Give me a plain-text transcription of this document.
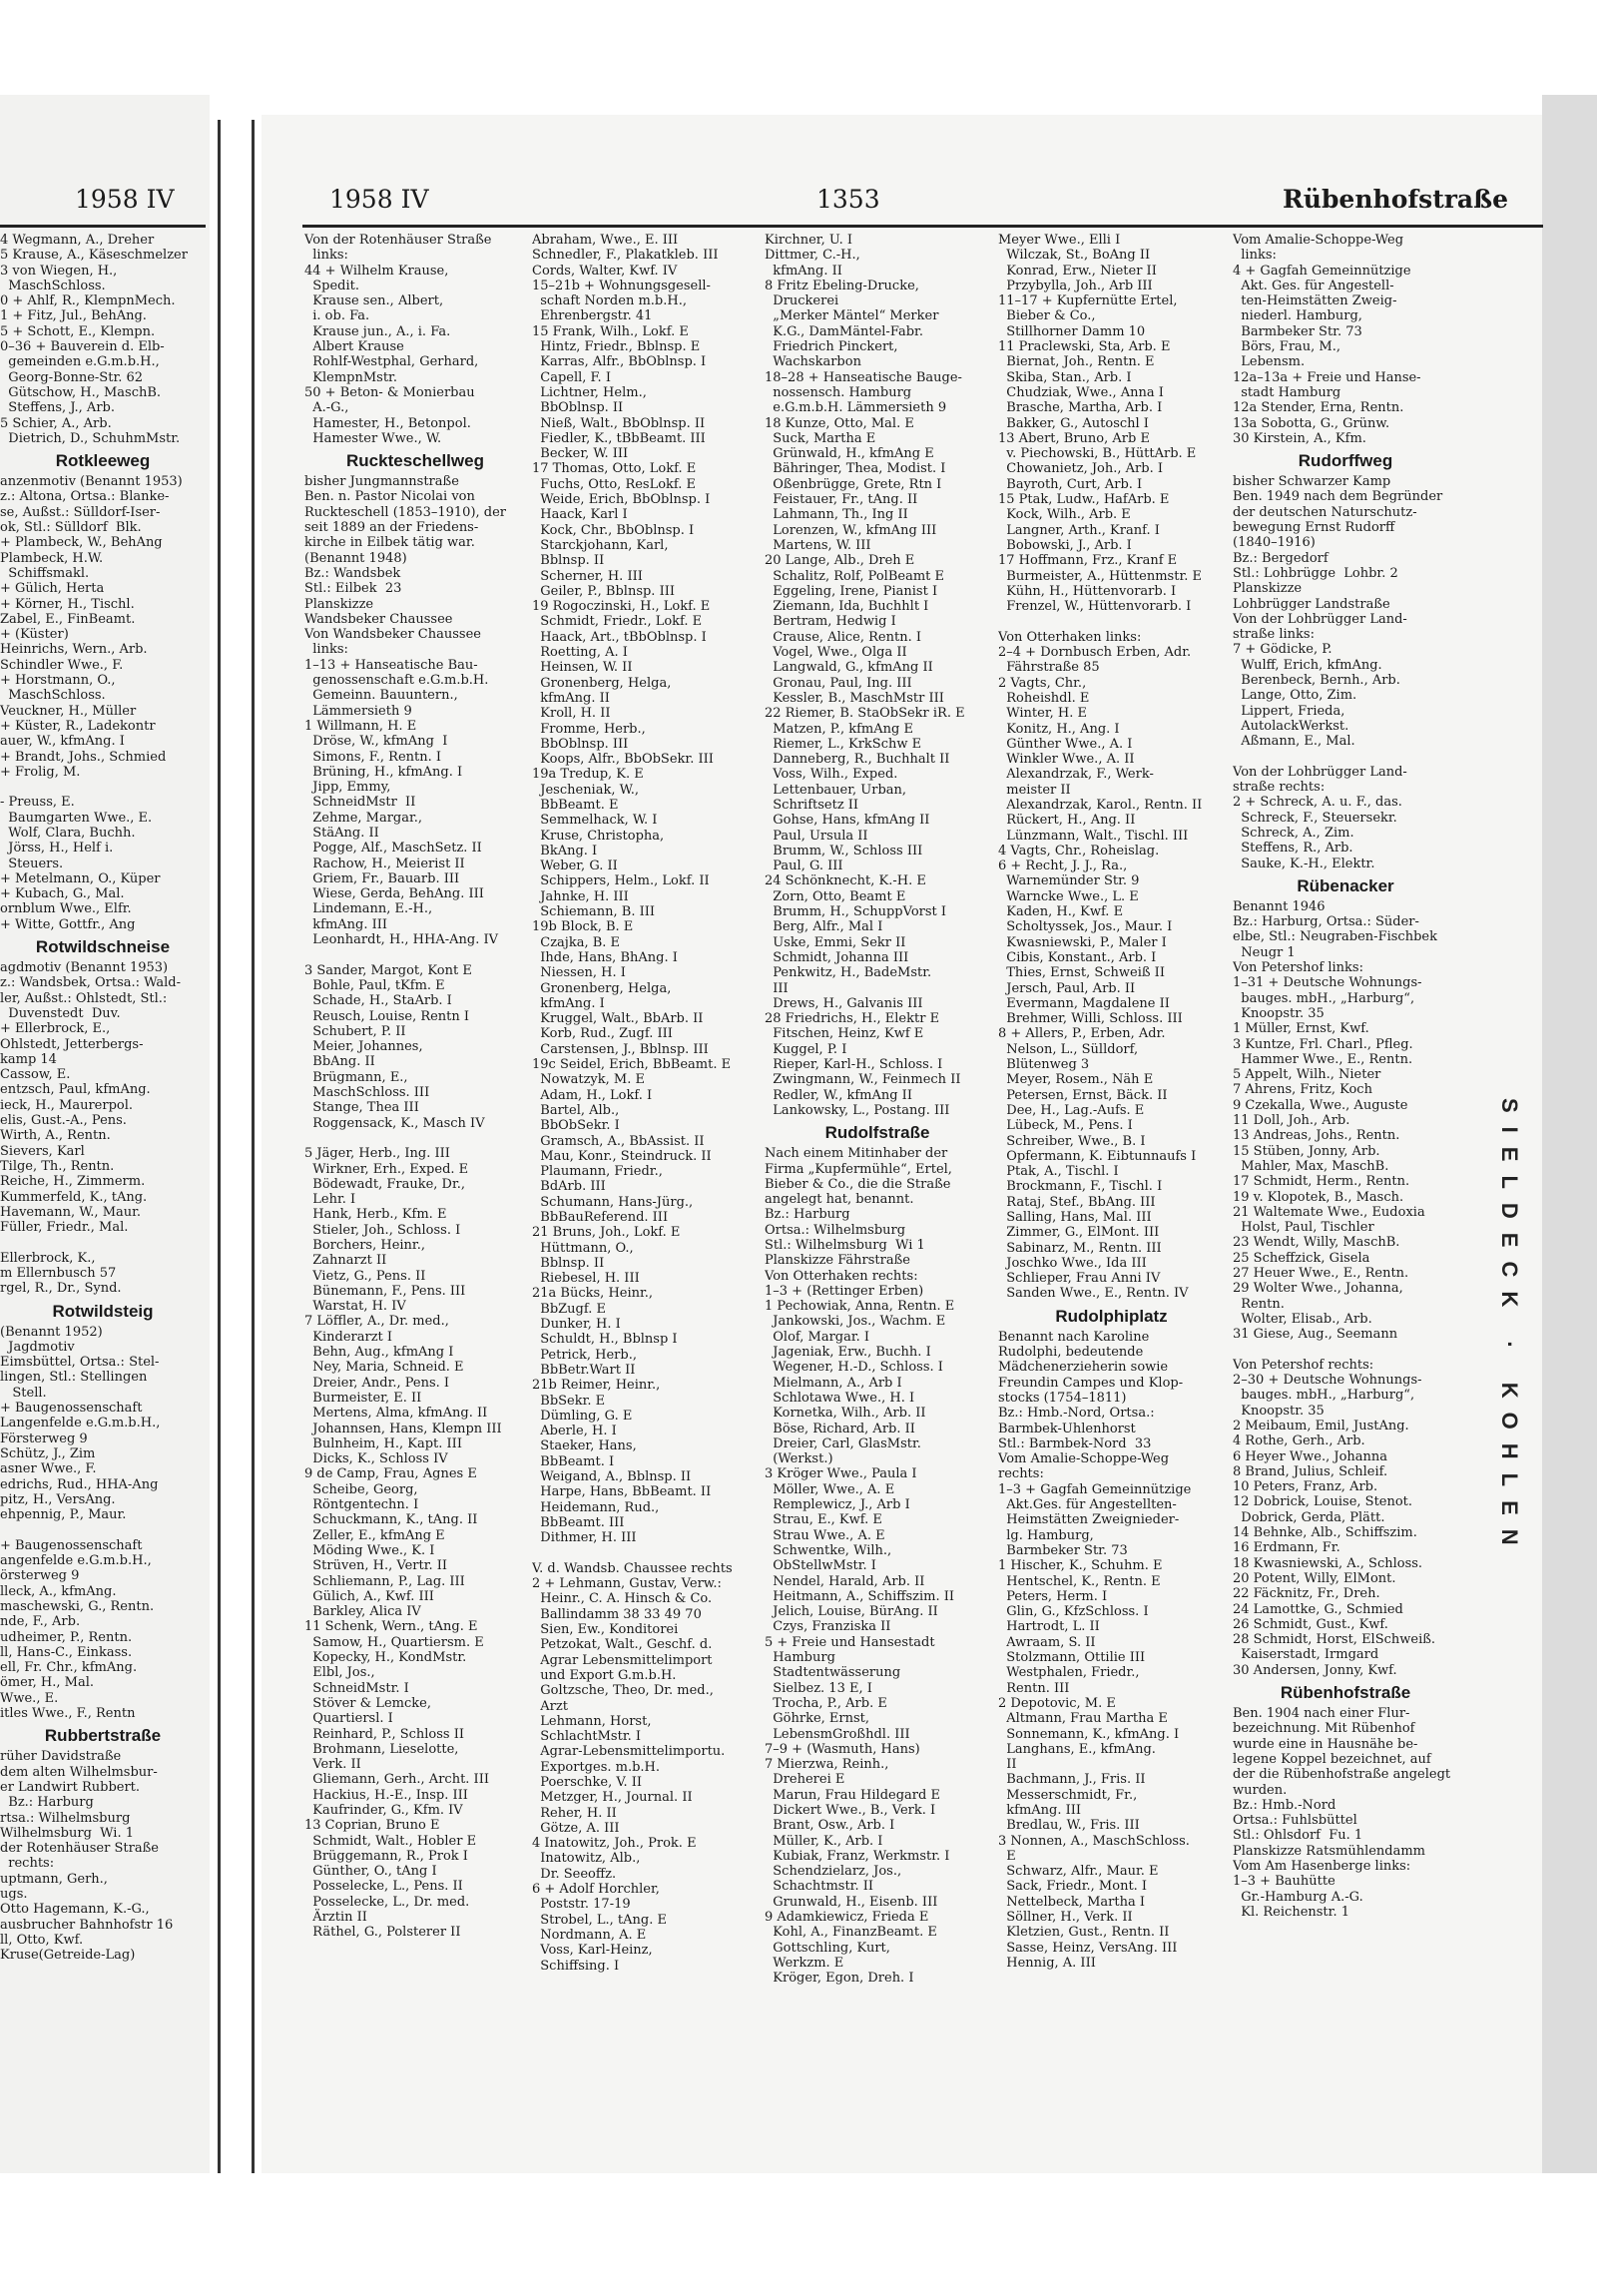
1958 IV	1958 IV	1353	Rübenhofstraße
SIELDECK · KOHLEN
4 Wegmann, A., Dreher
5 Krause, A., Käseschmelzer
3 von Wiegen, H.,
MaschSchloss.
0 + Ahlf, R., KlempnMech.
1 + Fitz, Jul., BehAng.
5 + Schott, E., Klempn.
0–36 + Bauverein d. Elb-
gemeinden e.G.m.b.H.,
Georg-Bonne-Str. 62
Gütschow, H., MaschB.
Steffens, J., Arb.
5 Schier, A., Arb.
Dietrich, D., SchuhmMstr.

Rotkleeweg
anzenmotiv (Benannt 1953)
z.: Altona, Ortsa.: Blanke-
se, Außst.: Sülldorf-Iser-
ok, Stl.: Sülldorf  Blk.
+ Plambeck, W., BehAng
Plambeck, H.W.
Schiffsmakl.
+ Gülich, Herta
+ Körner, H., Tischl.
Zabel, E., FinBeamt.
+ (Küster)
Heinrichs, Wern., Arb.
Schindler Wwe., F.
+ Horstmann, O.,
MaschSchloss.
Veuckner, H., Müller
+ Küster, R., Ladekontr
auer, W., kfmAng. I
+ Brandt, Johs., Schmied
+ Frolig, M.

- Preuss, E.
Baumgarten Wwe., E.
Wolf, Clara, Buchh.
Jörss, H., Helf i.
Steuers.
+ Metelmann, O., Küper
+ Kubach, G., Mal.
ornblum Wwe., Elfr.
+ Witte, Gottfr., Ang

Rotwildschneise
agdmotiv (Benannt 1953)
z.: Wandsbek, Ortsa.: Wald-
ler, Außst.: Ohlstedt, Stl.:
Duvenstedt  Duv.
+ Ellerbrock, E.,
Ohlstedt, Jetterbergs-
kamp 14
Cassow, E.
entzsch, Paul, kfmAng.
ieck, H., Maurerpol.
elis, Gust.-A., Pens.
Wirth, A., Rentn.
Sievers, Karl
Tilge, Th., Rentn.
Reiche, H., Zimmerm.
Kummerfeld, K., tAng.
Havemann, W., Maur.
Füller, Friedr., Mal.

Ellerbrock, K.,
m Ellernbusch 57
rgel, R., Dr., Synd.

Rotwildsteig
(Benannt 1952)
Jagdmotiv
Eimsbüttel, Ortsa.: Stel-
lingen, Stl.: Stellingen
Stell.
+ Baugenossenschaft
Langenfelde e.G.m.b.H.,
Försterweg 9
Schütz, J., Zim
asner Wwe., F.
edrichs, Rud., HHA-Ang
pitz, H., VersAng.
ehpennig, P., Maur.

+ Baugenossenschaft
angenfelde e.G.m.b.H.,
örsterweg 9
lleck, A., kfmAng.
maschewski, G., Rentn.
nde, F., Arb.
udheimer, P., Rentn.
ll, Hans-C., Einkass.
ell, Fr. Chr., kfmAng.
ömer, H., Mal.
Wwe., E.
itles Wwe., F., Rentn

Rubbertstraße
rüher Davidstraße
dem alten Wilhelmsbur-
er Landwirt Rubbert.
Bz.: Harburg
rtsa.: Wilhelmsburg
Wilhelmsburg  Wi. 1
der Rotenhäuser Straße
rechts:
uptmann, Gerh.,
ugs.
Otto Hagemann, K.-G.,
ausbrucher Bahnhofstr 16
ll, Otto, Kwf.
Kruse(Getreide-Lag)

Von der Rotenhäuser Straße
links:
44 + Wilhelm Krause,
Spedit.
Krause sen., Albert,
i. ob. Fa.
Krause jun., A., i. Fa.
Albert Krause
Rohlf-Westphal, Gerhard,
KlempnMstr.
50 + Beton- & Monierbau
A.-G.,
Hamester, H., Betonpol.
Hamester Wwe., W.

Ruckteschellweg
bisher Jungmannstraße
Ben. n. Pastor Nicolai von
Ruckteschell (1853–1910), der
seit 1889 an der Friedens-
kirche in Eilbek tätig war.
(Benannt 1948)
Bz.: Wandsbek
Stl.: Eilbek  23
Planskizze
Wandsbeker Chaussee
Von Wandsbeker Chaussee
links:
1–13 + Hanseatische Bau-
genossenschaft e.G.m.b.H.
Gemeinn. Bauuntern.,
Lämmersieth 9
1 Willmann, H. E
Dröse, W., kfmAng  I
Simons, F., Rentn. I
Brüning, H., kfmAng. I
Jipp, Emmy,
SchneidMstr  II
Zehme, Margar.,
StäAng. II
Pogge, Alf., MaschSetz. II
Rachow, H., Meierist II
Griem, Fr., Bauarb. III
Wiese, Gerda, BehAng. III
Lindemann, E.-H.,
kfmAng. III
Leonhardt, H., HHA-Ang. IV

3 Sander, Margot, Kont E
Bohle, Paul, tKfm. E
Schade, H., StaArb. I
Reusch, Louise, Rentn I
Schubert, P. II
Meier, Johannes,
BbAng. II
Brügmann, E.,
MaschSchloss. III
Stange, Thea III
Roggensack, K., Masch IV

5 Jäger, Herb., Ing. III
Wirkner, Erh., Exped. E
Bödewadt, Frauke, Dr.,
Lehr. I
Hank, Herb., Kfm. E
Stieler, Joh., Schloss. I
Borchers, Heinr.,
Zahnarzt II
Vietz, G., Pens. II
Bünemann, F., Pens. III
Warstat, H. IV
7 Löffler, A., Dr. med.,
Kinderarzt I
Behn, Aug., kfmAng I
Ney, Maria, Schneid. E
Dreier, Andr., Pens. I
Burmeister, E. II
Mertens, Alma, kfmAng. II
Johannsen, Hans, Klempn III
Bulnheim, H., Kapt. III
Dicks, K., Schloss IV
9 de Camp, Frau, Agnes E
Scheibe, Georg,
Röntgentechn. I
Schuckmann, K., tAng. II
Zeller, E., kfmAng E
Möding Wwe., K. I
Strüven, H., Vertr. II
Schliemann, P., Lag. III
Gülich, A., Kwf. III
Barkley, Alica IV
11 Schenk, Wern., tAng. E
Samow, H., Quartiersm. E
Kopecky, H., KondMstr.
Elbl, Jos.,
SchneidMstr. I
Stöver & Lemcke,
Quartiersl. I
Reinhard, P., Schloss II
Brohmann, Lieselotte,
Verk. II
Gliemann, Gerh., Archt. III
Hackius, H.-E., Insp. III
Kaufrinder, G., Kfm. IV
13 Coprian, Bruno E
Schmidt, Walt., Hobler E
Brüggemann, R., Prok I
Günther, O., tAng I
Posselecke, L., Pens. II
Posselecke, L., Dr. med.
Ärztin II
Räthel, G., Polsterer II

Abraham, Wwe., E. III
Schnedler, F., Plakatkleb. III
Cords, Walter, Kwf. IV
15–21b + Wohnungsgesell-
schaft Norden m.b.H.,
Ehrenbergstr. 41
15 Frank, Wilh., Lokf. E
Hintz, Friedr., Bblnsp. E
Karras, Alfr., BbOblnsp. I
Capell, F. I
Lichtner, Helm.,
BbOblnsp. II
Nieß, Walt., BbOblnsp. II
Fiedler, K., tBbBeamt. III
Becker, W. III
17 Thomas, Otto, Lokf. E
Fuchs, Otto, ResLokf. E
Weide, Erich, BbOblnsp. I
Haack, Karl I
Kock, Chr., BbOblnsp. I
Starckjohann, Karl,
Bblnsp. II
Scherner, H. III
Geiler, P., Bblnsp. III
19 Rogoczinski, H., Lokf. E
Schmidt, Friedr., Lokf. E
Haack, Art., tBbOblnsp. I
Roetting, A. I
Heinsen, W. II
Gronenberg, Helga,
kfmAng. II
Kroll, H. II
Fromme, Herb.,
BbOblnsp. III
Koops, Alfr., BbObSekr. III
19a Tredup, K. E
Jescheniak, W.,
BbBeamt. E
Semmelhack, W. I
Kruse, Christopha,
BkAng. I
Weber, G. II
Schippers, Helm., Lokf. II
Jahnke, H. III
Schiemann, B. III
19b Block, B. E
Czajka, B. E
Ihde, Hans, BhAng. I
Niessen, H. I
Gronenberg, Helga,
kfmAng. I
Kruggel, Walt., BbArb. II
Korb, Rud., Zugf. III
Carstensen, J., Bblnsp. III
19c Seidel, Erich, BbBeamt. E
Nowatzyk, M. E
Adam, H., Lokf. I
Bartel, Alb.,
BbObSekr. I
Gramsch, A., BbAssist. II
Mau, Konr., Steindruck. II
Plaumann, Friedr.,
BdArb. III
Schumann, Hans-Jürg.,
BbBauReferend. III
21 Bruns, Joh., Lokf. E
Hüttmann, O.,
Bblnsp. II
Riebesel, H. III
21a Bücks, Heinr.,
BbZugf. E
Dunker, H. I
Schuldt, H., Bblnsp I
Petrick, Herb.,
BbBetr.Wart II
21b Reimer, Heinr.,
BbSekr. E
Dümling, G. E
Aberle, H. I
Staeker, Hans,
BbBeamt. I
Weigand, A., Bblnsp. II
Harpe, Hans, BbBeamt. II
Heidemann, Rud.,
BbBeamt. III
Dithmer, H. III

V. d. Wandsb. Chaussee rechts
2 + Lehmann, Gustav, Verw.:
Heinr., C. A. Hinsch & Co.
Ballindamm 38 33 49 70
Sien, Ew., Konditorei
Petzokat, Walt., Geschf. d.
Agrar Lebensmittelimport
und Export G.m.b.H.
Goltzsche, Theo, Dr. med.,
Arzt
Lehmann, Horst,
SchlachtMstr. I
Agrar-Lebensmittelimportu.
Exportges. m.b.H.
Poerschke, V. II
Metzger, H., Journal. II
Reher, H. II
Götze, A. III
4 Inatowitz, Joh., Prok. E
Inatowitz, Alb.,
Dr. Seeoffz.
6 + Adolf Horchler,
Poststr. 17-19
Strobel, L., tAng. E
Nordmann, A. E
Voss, Karl-Heinz,
Schiffsing. I

Kirchner, U. I
Dittmer, C.-H.,
kfmAng. II
8 Fritz Ebeling-Drucke,
Druckerei
„Merker Mäntel“ Merker
K.G., DamMäntel-Fabr.
Friedrich Pinckert,
Wachskarbon
18–28 + Hanseatische Bauge-
nossensch. Hamburg
e.G.m.b.H. Lämmersieth 9
18 Kunze, Otto, Mal. E
Suck, Martha E
Grünwald, H., kfmAng E
Bähringer, Thea, Modist. I
Oßenbrügge, Grete, Rtn I
Feistauer, Fr., tAng. II
Lahmann, Th., Ing II
Lorenzen, W., kfmAng III
Martens, W. III
20 Lange, Alb., Dreh E
Schalitz, Rolf, PolBeamt E
Eggeling, Irene, Pianist I
Ziemann, Ida, Buchhlt I
Bertram, Hedwig I
Crause, Alice, Rentn. I
Vogel, Wwe., Olga II
Langwald, G., kfmAng II
Gronau, Paul, Ing. III
Kessler, B., MaschMstr III
22 Riemer, B. StaObSekr iR. E
Matzen, P., kfmAng E
Riemer, L., KrkSchw E
Danneberg, R., Buchhalt II
Voss, Wilh., Exped.
Lettenbauer, Urban,
Schriftsetz II
Gohse, Hans, kfmAng II
Paul, Ursula II
Brumm, W., Schloss III
Paul, G. III
24 Schönknecht, K.-H. E
Zorn, Otto, Beamt E
Brumm, H., SchuppVorst I
Berg, Alfr., Mal I
Uske, Emmi, Sekr II
Schmidt, Johanna III
Penkwitz, H., BadeMstr.
III
Drews, H., Galvanis III
28 Friedrichs, H., Elektr E
Fitschen, Heinz, Kwf E
Kuggel, P. I
Rieper, Karl-H., Schloss. I
Zwingmann, W., Feinmech II
Redler, W., kfmAng II
Lankowsky, L., Postang. III

Rudolfstraße
Nach einem Mitinhaber der
Firma „Kupfermühle“, Ertel,
Bieber & Co., die die Straße
angelegt hat, benannt.
Bz.: Harburg
Ortsa.: Wilhelmsburg
Stl.: Wilhelmsburg  Wi 1
Planskizze Fährstraße
Von Otterhaken rechts:
1–3 + (Rettinger Erben)
1 Pechowiak, Anna, Rentn. E
Jankowski, Jos., Wachm. E
Olof, Margar. I
Jageniak, Erw., Buchh. I
Wegener, H.-D., Schloss. I
Mielmann, A., Arb I
Schlotawa Wwe., H. I
Kornetka, Wilh., Arb. II
Böse, Richard, Arb. II
Dreier, Carl, GlasMstr.
(Werkst.)
3 Kröger Wwe., Paula I
Möller, Wwe., A. E
Remplewicz, J., Arb I
Strau, E., Kwf. E
Strau Wwe., A. E
Schwentke, Wilh.,
ObStellwMstr. I
Nendel, Harald, Arb. II
Heitmann, A., Schiffszim. II
Jelich, Louise, BürAng. II
Czys, Franziska II
5 + Freie und Hansestadt
Hamburg
Stadtentwässerung
Sielbez. 13 E, I
Trocha, P., Arb. E
Göhrke, Ernst,
LebensmGroßhdl. III
7–9 + (Wasmuth, Hans)
7 Mierzwa, Reinh.,
Dreherei E
Marun, Frau Hildegard E
Dickert Wwe., B., Verk. I
Brant, Osw., Arb. I
Müller, K., Arb. I
Kubiak, Franz, Werkmstr. I
Schendzielarz, Jos.,
Schachtmstr. II
Grunwald, H., Eisenb. III
9 Adamkiewicz, Frieda E
Kohl, A., FinanzBeamt. E
Gottschling, Kurt,
Werkzm. E
Kröger, Egon, Dreh. I

Meyer Wwe., Elli I
Wilczak, St., BoAng II
Konrad, Erw., Nieter II
Przybylla, Joh., Arb III
11–17 + Kupfernütte Ertel,
Bieber & Co.,
Stillhorner Damm 10
11 Praclewski, Sta, Arb. E
Biernat, Joh., Rentn. E
Skiba, Stan., Arb. I
Chudziak, Wwe., Anna I
Brasche, Martha, Arb. I
Bakker, G., Autoschl I
13 Abert, Bruno, Arb E
v. Piechowski, B., HüttArb. E
Chowanietz, Joh., Arb. I
Bayroth, Curt, Arb. I
15 Ptak, Ludw., HafArb. E
Kock, Wilh., Arb. E
Langner, Arth., Kranf. I
Bobowski, J., Arb. I
17 Hoffmann, Frz., Kranf E
Burmeister, A., Hüttenmstr. E
Kühn, H., Hüttenvorarb. I
Frenzel, W., Hüttenvorarb. I

Von Otterhaken links:
2–4 + Dornbusch Erben, Adr.
Fährstraße 85
2 Vagts, Chr.,
Roheishdl. E
Winter, H. E
Konitz, H., Ang. I
Günther Wwe., A. I
Winkler Wwe., A. II
Alexandrzak, F., Werk-
meister II
Alexandrzak, Karol., Rentn. II
Rückert, H., Ang. II
Lünzmann, Walt., Tischl. III
4 Vagts, Chr., Roheislag.
6 + Recht, J. J., Ra.,
Warnemünder Str. 9
Warncke Wwe., L. E
Kaden, H., Kwf. E
Scholtyssek, Jos., Maur. I
Kwasniewski, P., Maler I
Cibis, Konstant., Arb. I
Thies, Ernst, Schweiß II
Jersch, Paul, Arb. II
Evermann, Magdalene II
Brehmer, Willi, Schloss. III
8 + Allers, P., Erben, Adr.
Nelson, L., Sülldorf,
Blütenweg 3
Meyer, Rosem., Näh E
Petersen, Ernst, Bäck. II
Dee, H., Lag.-Aufs. E
Lübeck, M., Pens. I
Schreiber, Wwe., B. I
Opfermann, K. Eibtunnaufs I
Ptak, A., Tischl. I
Brockmann, F., Tischl. I
Rataj, Stef., BbAng. III
Salling, Hans, Mal. III
Zimmer, G., ElMont. III
Sabinarz, M., Rentn. III
Joschko Wwe., Ida III
Schlieper, Frau Anni IV
Sanden Wwe., E., Rentn. IV

Rudolphiplatz
Benannt nach Karoline
Rudolphi, bedeutende
Mädchenerzieherin sowie
Freundin Campes und Klop-
stocks (1754–1811)
Bz.: Hmb.-Nord, Ortsa.:
Barmbek-Uhlenhorst
Stl.: Barmbek-Nord  33
Vom Amalie-Schoppe-Weg
rechts:
1–3 + Gagfah Gemeinnützige
Akt.Ges. für Angestellten-
Heimstätten Zweignieder-
lg. Hamburg,
Barmbeker Str. 73
1 Hischer, K., Schuhm. E
Hentschel, K., Rentn. E
Peters, Herm. I
Glin, G., KfzSchloss. I
Hartrodt, L. II
Awraam, S. II
Stolzmann, Ottilie III
Westphalen, Friedr.,
Rentn. III
2 Depotovic, M. E
Altmann, Frau Martha E
Sonnemann, K., kfmAng. I
Langhans, E., kfmAng.
II
Bachmann, J., Fris. II
Messerschmidt, Fr.,
kfmAng. III
Bredlau, W., Fris. III
3 Nonnen, A., MaschSchloss.
E
Schwarz, Alfr., Maur. E
Sack, Friedr., Mont. I
Nettelbeck, Martha I
Söllner, H., Verk. II
Kletzien, Gust., Rentn. II
Sasse, Heinz, VersAng. III
Hennig, A. III

Vom Amalie-Schoppe-Weg
links:
4 + Gagfah Gemeinnützige
Akt. Ges. für Angestell-
ten-Heimstätten Zweig-
niederl. Hamburg,
Barmbeker Str. 73
Börs, Frau, M.,
Lebensm.
12a–13a + Freie und Hanse-
stadt Hamburg
12a Stender, Erna, Rentn.
13a Sobotta, G., Grünw.
30 Kirstein, A., Kfm.

Rudorffweg
bisher Schwarzer Kamp
Ben. 1949 nach dem Begründer
der deutschen Naturschutz-
bewegung Ernst Rudorff
(1840–1916)
Bz.: Bergedorf
Stl.: Lohbrügge  Lohbr. 2
Planskizze
Lohbrügger Landstraße
Von der Lohbrügger Land-
straße links:
7 + Gödicke, P.
Wulff, Erich, kfmAng.
Berenbeck, Bernh., Arb.
Lange, Otto, Zim.
Lippert, Frieda,
AutolackWerkst.
Aßmann, E., Mal.

Von der Lohbrügger Land-
straße rechts:
2 + Schreck, A. u. F., das.
Schreck, F., Steuersekr.
Schreck, A., Zim.
Steffens, R., Arb.
Sauke, K.-H., Elektr.

Rübenacker
Benannt 1946
Bz.: Harburg, Ortsa.: Süder-
elbe, Stl.: Neugraben-Fischbek
Neugr 1
Von Petershof links:
1–31 + Deutsche Wohnungs-
bauges. mbH., „Harburg“,
Knoopstr. 35
1 Müller, Ernst, Kwf.
3 Kuntze, Frl. Charl., Pfleg.
Hammer Wwe., E., Rentn.
5 Appelt, Wilh., Nieter
7 Ahrens, Fritz, Koch
9 Czekalla, Wwe., Auguste
11 Doll, Joh., Arb.
13 Andreas, Johs., Rentn.
15 Stüben, Jonny, Arb.
Mahler, Max, MaschB.
17 Schmidt, Herm., Rentn.
19 v. Klopotek, B., Masch.
21 Waltemate Wwe., Eudoxia
Holst, Paul, Tischler
23 Wendt, Willy, MaschB.
25 Scheffzick, Gisela
27 Heuer Wwe., E., Rentn.
29 Wolter Wwe., Johanna,
Rentn.
Wolter, Elisab., Arb.
31 Giese, Aug., Seemann

Von Petershof rechts:
2–30 + Deutsche Wohnungs-
bauges. mbH., „Harburg“,
Knoopstr. 35
2 Meibaum, Emil, JustAng.
4 Rothe, Gerh., Arb.
6 Heyer Wwe., Johanna
8 Brand, Julius, Schleif.
10 Peters, Franz, Arb.
12 Dobrick, Louise, Stenot.
Dobrick, Gerda, Plätt.
14 Behnke, Alb., Schiffszim.
16 Erdmann, Fr.
18 Kwasniewski, A., Schloss.
20 Potent, Willy, ElMont.
22 Fäcknitz, Fr., Dreh.
24 Lamottke, G., Schmied
26 Schmidt, Gust., Kwf.
28 Schmidt, Horst, ElSchweiß.
Kaiserstadt, Irmgard
30 Andersen, Jonny, Kwf.

Rübenhofstraße
Ben. 1904 nach einer Flur-
bezeichnung. Mit Rübenhof
wurde eine in Hausnähe be-
legene Koppel bezeichnet, auf
der die Rübenhofstraße angelegt
wurden.
Bz.: Hmb.-Nord
Ortsa.: Fuhlsbüttel
Stl.: Ohlsdorf  Fu. 1
Planskizze Ratsmühlendamm
Vom Am Hasenberge links:
1–3 + Bauhütte
Gr.-Hamburg A.-G.
Kl. Reichenstr. 1
